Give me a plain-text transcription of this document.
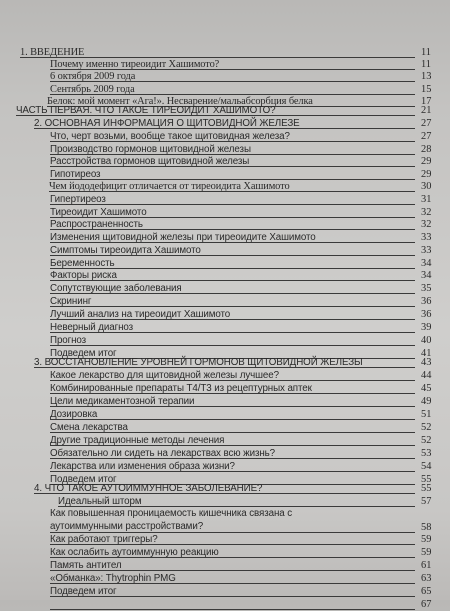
1. ВВЕДЕНИЕ	11
Почему именно тиреоидит Хашимото?	11
6 октября 2009 года	13
Сентябрь 2009 года	15
Белок: мой момент «Ага!». Несварение/мальабсорбция белка	17
ЧАСТЬ ПЕРВАЯ. ЧТО ТАКОЕ ТИРЕОИДИТ ХАШИМОТО?	21
2. ОСНОВНАЯ ИНФОРМАЦИЯ О ЩИТОВИДНОЙ ЖЕЛЕЗЕ	27
Что, черт возьми, вообще такое щитовидная железа?	27
Производство гормонов щитовидной железы	28
Расстройства гормонов щитовидной железы	29
Гипотиреоз	29
Чем йододефицит отличается от тиреоидита Хашимото	30
Гипертиреоз	31
Тиреоидит Хашимото	32
Распространенность	32
Изменения щитовидной железы при тиреоидите Хашимото	33
Симптомы тиреоидита Хашимото	33
Беременность	34
Факторы риска	34
Сопутствующие заболевания	35
Скрининг	36
Лучший анализ на тиреоидит Хашимото	36
Неверный диагноз	39
Прогноз	40
Подведем итог	41
3. ВОССТАНОВЛЕНИЕ УРОВНЕЙ ГОРМОНОВ ЩИТОВИДНОЙ ЖЕЛЕЗЫ	43
Какое лекарство для щитовидной железы лучшее?	44
Комбинированные препараты T4/T3 из рецептурных аптек	45
Цели медикаментозной терапии	49
Дозировка	51
Смена лекарства	52
Другие традиционные методы лечения	52
Обязательно ли сидеть на лекарствах всю жизнь?	53
Лекарства или изменения образа жизни?	54
Подведем итог	55
4. ЧТО ТАКОЕ АУТОИММУННОЕ ЗАБОЛЕВАНИЕ?	55
Идеальный шторм	57
Как повышенная проницаемость кишечника связана с аутоиммунными расстройствами?	58
Как работают триггеры?	59
Как ослабить аутоиммунную реакцию	59
Память антител	61
«Обманка»: Thytrophin PMG	63
Подведем итог	65
67
